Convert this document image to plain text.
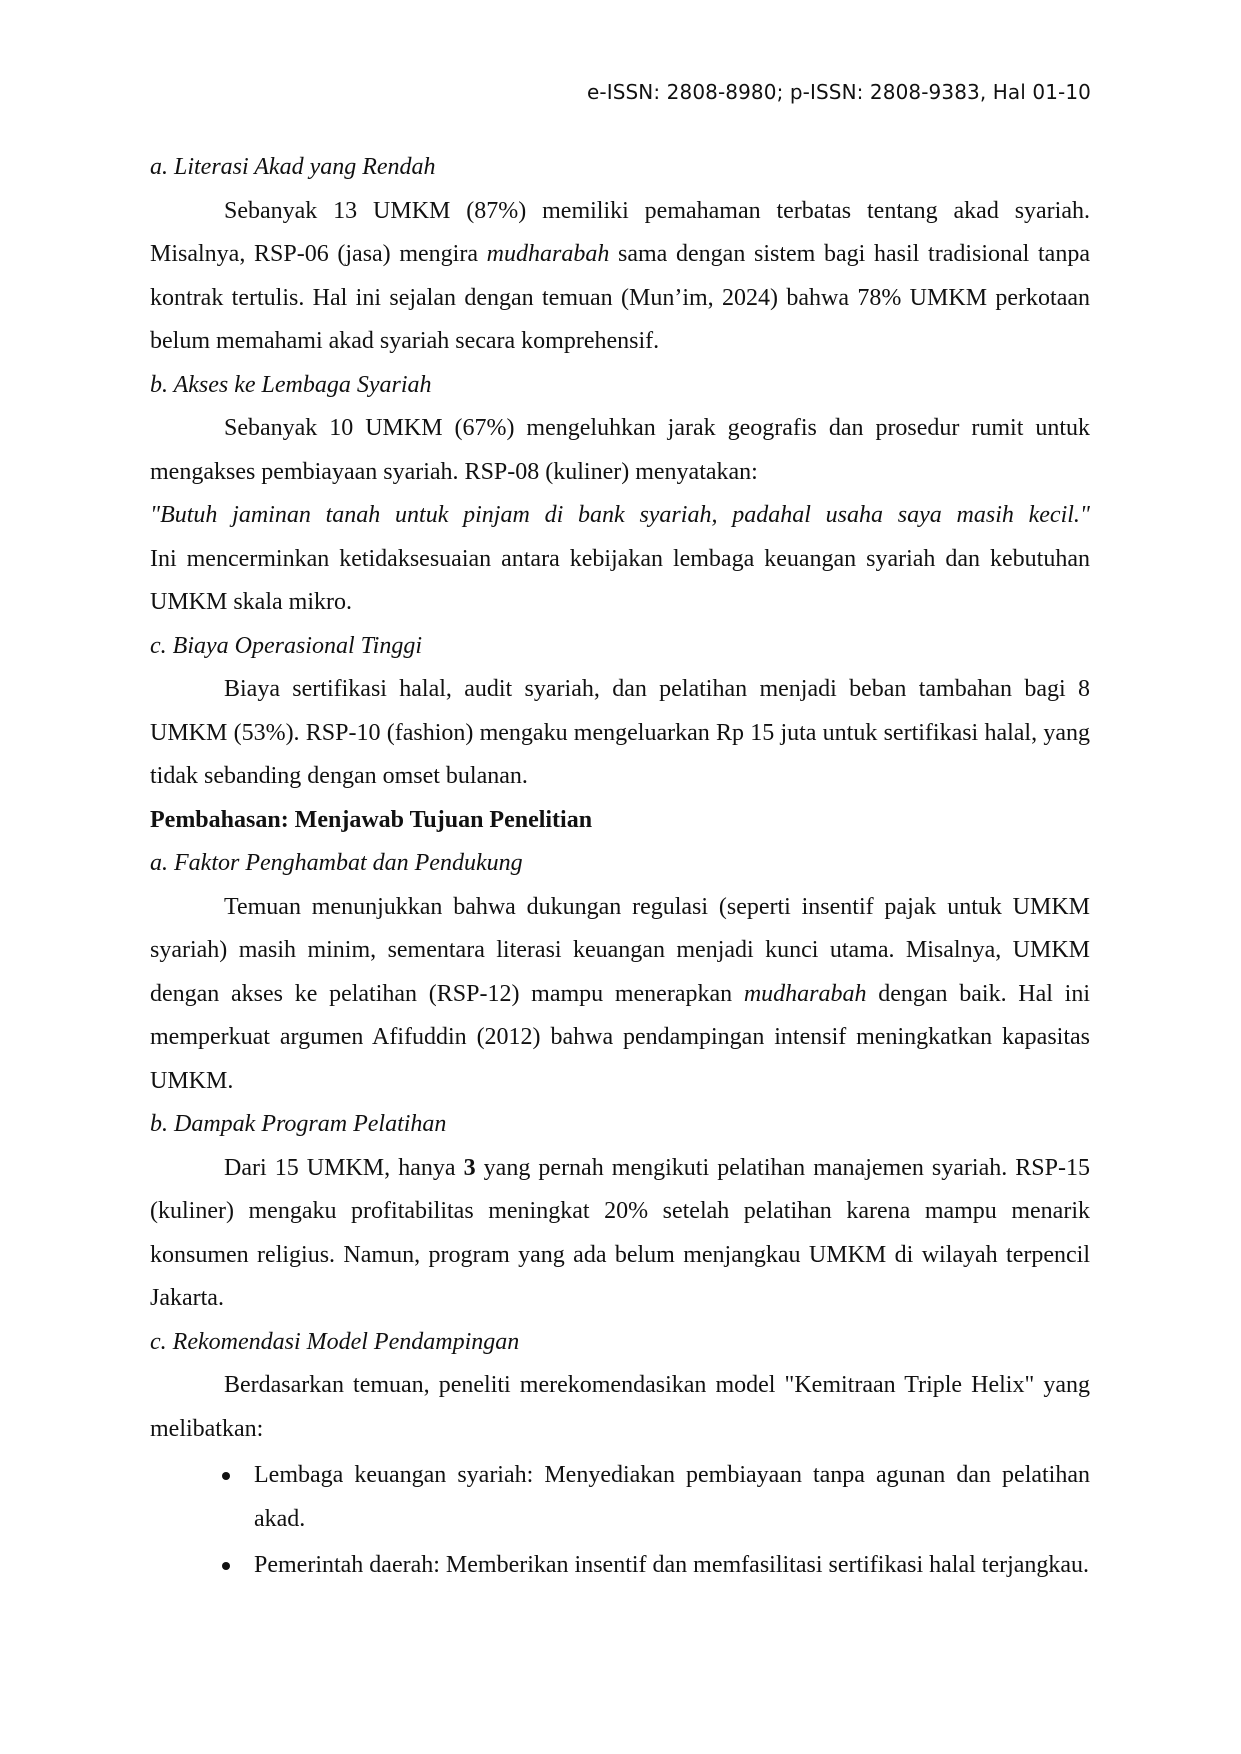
e-ISSN: 2808-8980; p-ISSN: 2808-9383, Hal 01-10

a. Literasi Akad yang Rendah

Sebanyak 13 UMKM (87%) memiliki pemahaman terbatas tentang akad syariah. Misalnya, RSP-06 (jasa) mengira mudharabah sama dengan sistem bagi hasil tradisional tanpa kontrak tertulis. Hal ini sejalan dengan temuan (Mun’im, 2024) bahwa 78% UMKM perkotaan belum memahami akad syariah secara komprehensif.

b. Akses ke Lembaga Syariah

Sebanyak 10 UMKM (67%) mengeluhkan jarak geografis dan prosedur rumit untuk mengakses pembiayaan syariah. RSP-08 (kuliner) menyatakan:

"Butuh jaminan tanah untuk pinjam di bank syariah, padahal usaha saya masih kecil."

Ini mencerminkan ketidaksesuaian antara kebijakan lembaga keuangan syariah dan kebutuhan UMKM skala mikro.

c. Biaya Operasional Tinggi

Biaya sertifikasi halal, audit syariah, dan pelatihan menjadi beban tambahan bagi 8 UMKM (53%). RSP-10 (fashion) mengaku mengeluarkan Rp 15 juta untuk sertifikasi halal, yang tidak sebanding dengan omset bulanan.

Pembahasan: Menjawab Tujuan Penelitian

a. Faktor Penghambat dan Pendukung

Temuan menunjukkan bahwa dukungan regulasi (seperti insentif pajak untuk UMKM syariah) masih minim, sementara literasi keuangan menjadi kunci utama. Misalnya, UMKM dengan akses ke pelatihan (RSP-12) mampu menerapkan mudharabah dengan baik. Hal ini memperkuat argumen Afifuddin (2012) bahwa pendampingan intensif meningkatkan kapasitas UMKM.

b. Dampak Program Pelatihan

Dari 15 UMKM, hanya 3 yang pernah mengikuti pelatihan manajemen syariah. RSP-15 (kuliner) mengaku profitabilitas meningkat 20% setelah pelatihan karena mampu menarik konsumen religius. Namun, program yang ada belum menjangkau UMKM di wilayah terpencil Jakarta.

c. Rekomendasi Model Pendampingan

Berdasarkan temuan, peneliti merekomendasikan model "Kemitraan Triple Helix" yang melibatkan:

Lembaga keuangan syariah: Menyediakan pembiayaan tanpa agunan dan pelatihan akad.
Pemerintah daerah: Memberikan insentif dan memfasilitasi sertifikasi halal terjangkau.
